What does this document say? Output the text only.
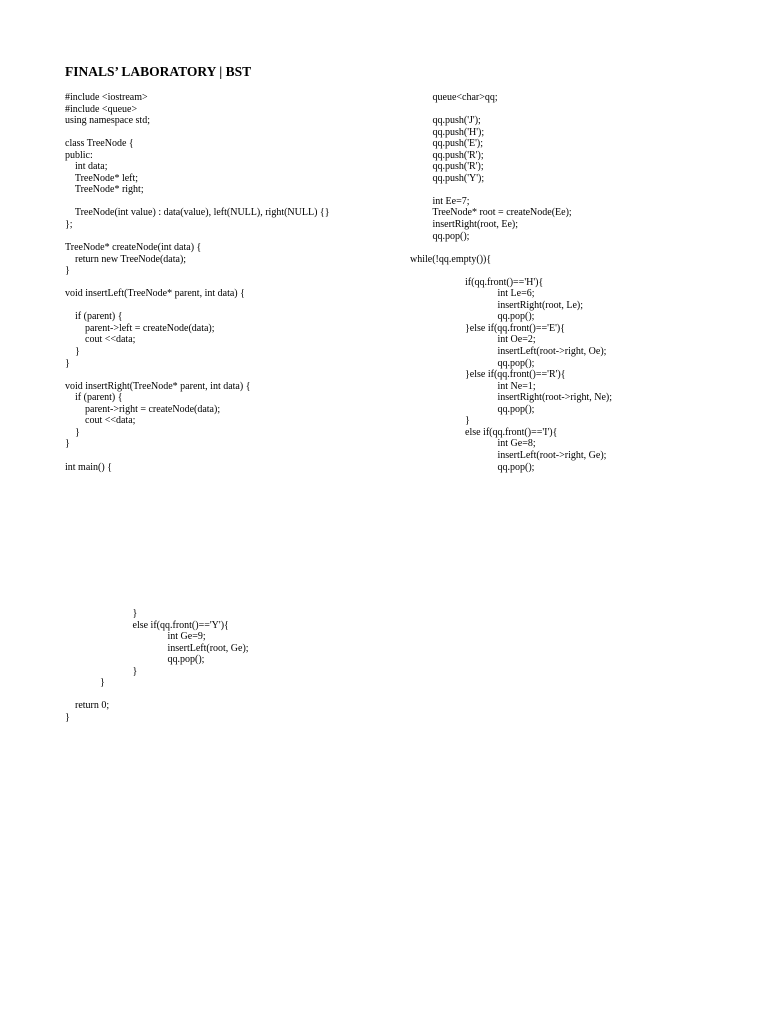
FINALS’ LABORATORY | BST
#include <iostream>
#include <queue>
using namespace std;

class TreeNode {
public:
int data;
TreeNode* left;
TreeNode* right;

TreeNode(int value) : data(value), left(NULL), right(NULL) {}
};

TreeNode* createNode(int data) {
return new TreeNode(data);
}

void insertLeft(TreeNode* parent, int data) {

if (parent) {
parent->left = createNode(data);
cout <<data;
}
}

void insertRight(TreeNode* parent, int data) {
if (parent) {
parent->right = createNode(data);
cout <<data;
}
}

int main() {
queue<char>qq;

qq.push('J');
qq.push('H');
qq.push('E');
qq.push('R');
qq.push('R');
qq.push('Y');

int Ee=7;
TreeNode* root = createNode(Ee);
insertRight(root, Ee);
qq.pop();

while(!qq.empty()){

if(qq.front()=='H'){
int Le=6;
insertRight(root, Le);
qq.pop();
}else if(qq.front()=='E'){
int Oe=2;
insertLeft(root->right, Oe);
qq.pop();
}else if(qq.front()=='R'){
int Ne=1;
insertRight(root->right, Ne);
qq.pop();
}
else if(qq.front()=='I'){
int Ge=8;
insertLeft(root->right, Ge);
qq.pop();
}
else if(qq.front()=='Y'){
int Ge=9;
insertLeft(root, Ge);
qq.pop();
}
}

return 0;
}
